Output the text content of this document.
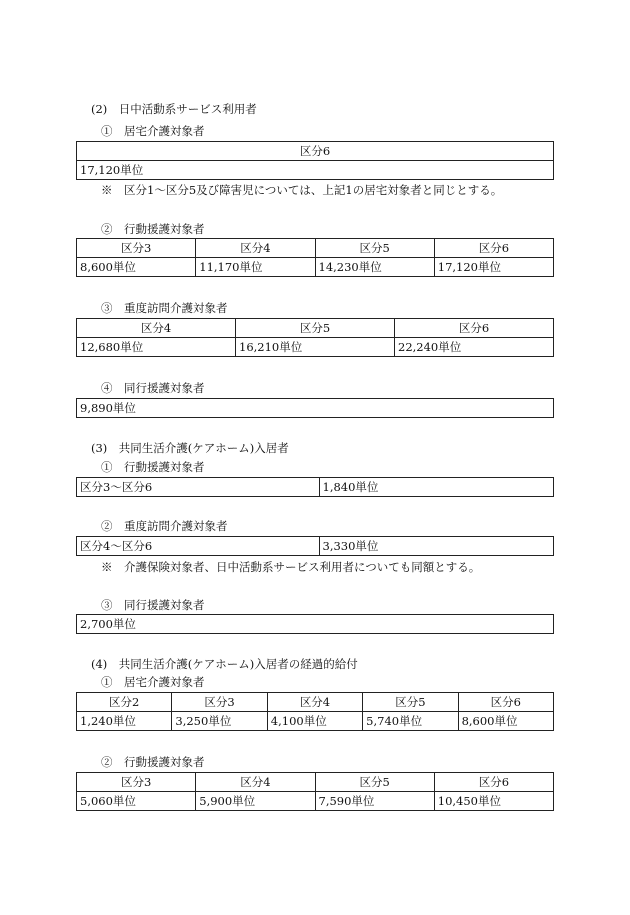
(2)　日中活動系サービス利用者
①　居宅介護対象者
区分6
17,120単位
※　区分1〜区分5及び障害児については、上記1の居宅対象者と同じとする。
②　行動援護対象者
区分3	区分4	区分5	区分6
8,600単位	11,170単位	14,230単位	17,120単位
③　重度訪問介護対象者
区分4	区分5	区分6
12,680単位	16,210単位	22,240単位
④　同行援護対象者
9,890単位
(3)　共同生活介護(ケアホーム)入居者
①　行動援護対象者
区分3〜区分6	1,840単位
②　重度訪問介護対象者
区分4〜区分6	3,330単位
※　介護保険対象者、日中活動系サービス利用者についても同額とする。
③　同行援護対象者
2,700単位
(4)　共同生活介護(ケアホーム)入居者の経過的給付
①　居宅介護対象者
区分2	区分3	区分4	区分5	区分6
1,240単位	3,250単位	4,100単位	5,740単位	8,600単位
②　行動援護対象者
区分3	区分4	区分5	区分6
5,060単位	5,900単位	7,590単位	10,450単位
